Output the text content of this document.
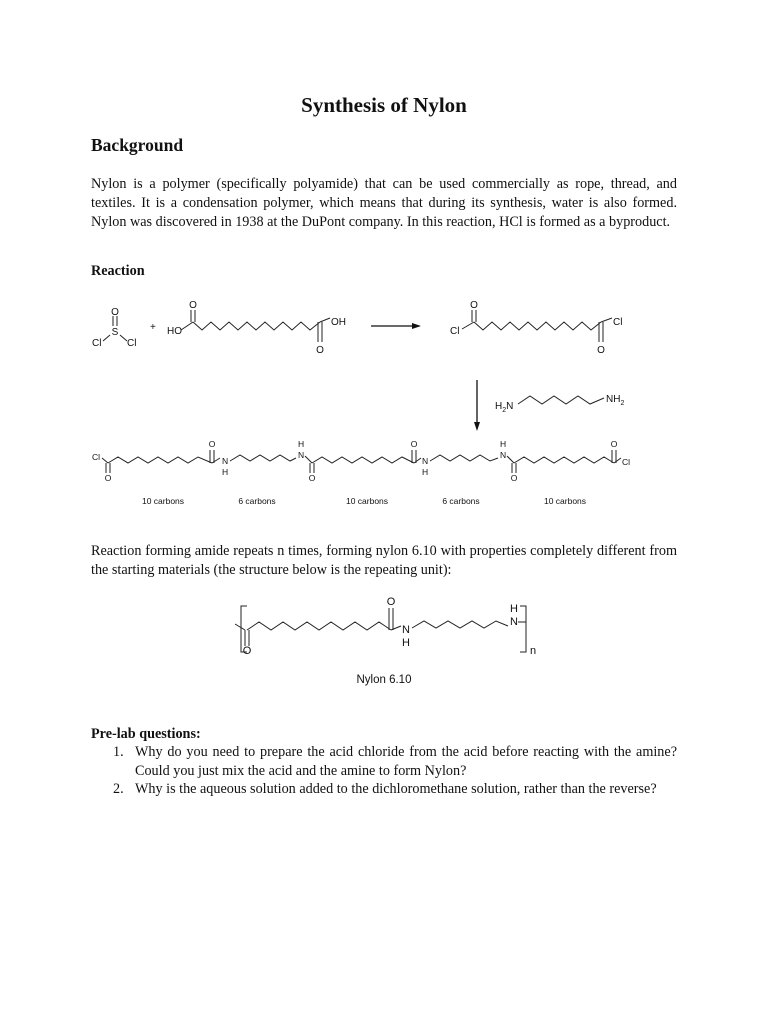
Synthesis of Nylon
Background

Nylon is a polymer (specifically polyamide) that can be used commercially as rope, thread, and textiles. It is a condensation polymer, which means that during its synthesis, water is also formed. Nylon was discovered in 1938 at the DuPont company. In this reaction, HCl is formed as a byproduct.

Reaction
O
S
Cl	Cl
+ HO
O
O
OH
Cl
O
O
Cl
$H_2N$
$NH_2$
Cl
O
O
N
H
H
N
O
O
N
H
H
N
O
O
Cl
10 carbons	6 carbons	10 carbons	6 carbons	10 carbons
O
O
N
H
H
N
n
Nylon 6.10

Reaction forming amide repeats n times, forming nylon 6.10 with properties completely different from the starting materials (the structure below is the repeating unit):

Pre-lab questions:
1. Why do you need to prepare the acid chloride from the acid before reacting with the amine? Could you just mix the acid and the amine to form Nylon?
2. Why is the aqueous solution added to the dichloromethane solution, rather than the reverse?
